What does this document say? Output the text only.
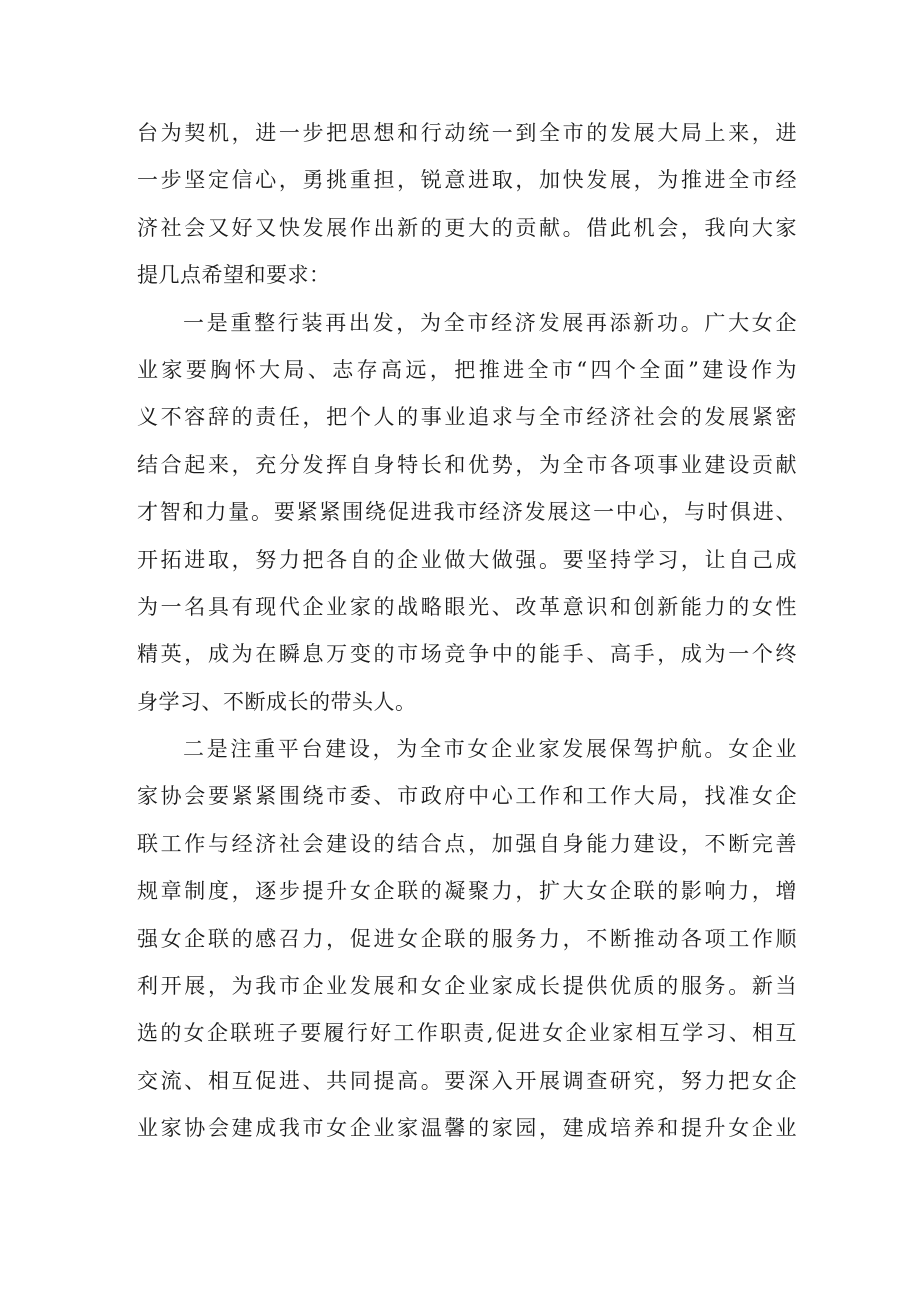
台为契机，进一步把思想和行动统一到全市的发展大局上来，进
一步坚定信心，勇挑重担，锐意进取，加快发展，为推进全市经
济社会又好又快发展作出新的更大的贡献。借此机会，我向大家
提几点希望和要求：
一是重整行装再出发，为全市经济发展再添新功。广大女企
业家要胸怀大局、志存高远，把推进全市“四个全面”建设作为
义不容辞的责任，把个人的事业追求与全市经济社会的发展紧密
结合起来，充分发挥自身特长和优势，为全市各项事业建设贡献
才智和力量。要紧紧围绕促进我市经济发展这一中心，与时俱进、
开拓进取，努力把各自的企业做大做强。要坚持学习，让自己成
为一名具有现代企业家的战略眼光、改革意识和创新能力的女性
精英，成为在瞬息万变的市场竞争中的能手、高手，成为一个终
身学习、不断成长的带头人。
二是注重平台建设，为全市女企业家发展保驾护航。女企业
家协会要紧紧围绕市委、市政府中心工作和工作大局，找准女企
联工作与经济社会建设的结合点，加强自身能力建设，不断完善
规章制度，逐步提升女企联的凝聚力，扩大女企联的影响力，增
强女企联的感召力，促进女企联的服务力，不断推动各项工作顺
利开展，为我市企业发展和女企业家成长提供优质的服务。新当
选的女企联班子要履行好工作职责,促进女企业家相互学习、相互
交流、相互促进、共同提高。要深入开展调查研究，努力把女企
业家协会建成我市女企业家温馨的家园，建成培养和提升女企业
